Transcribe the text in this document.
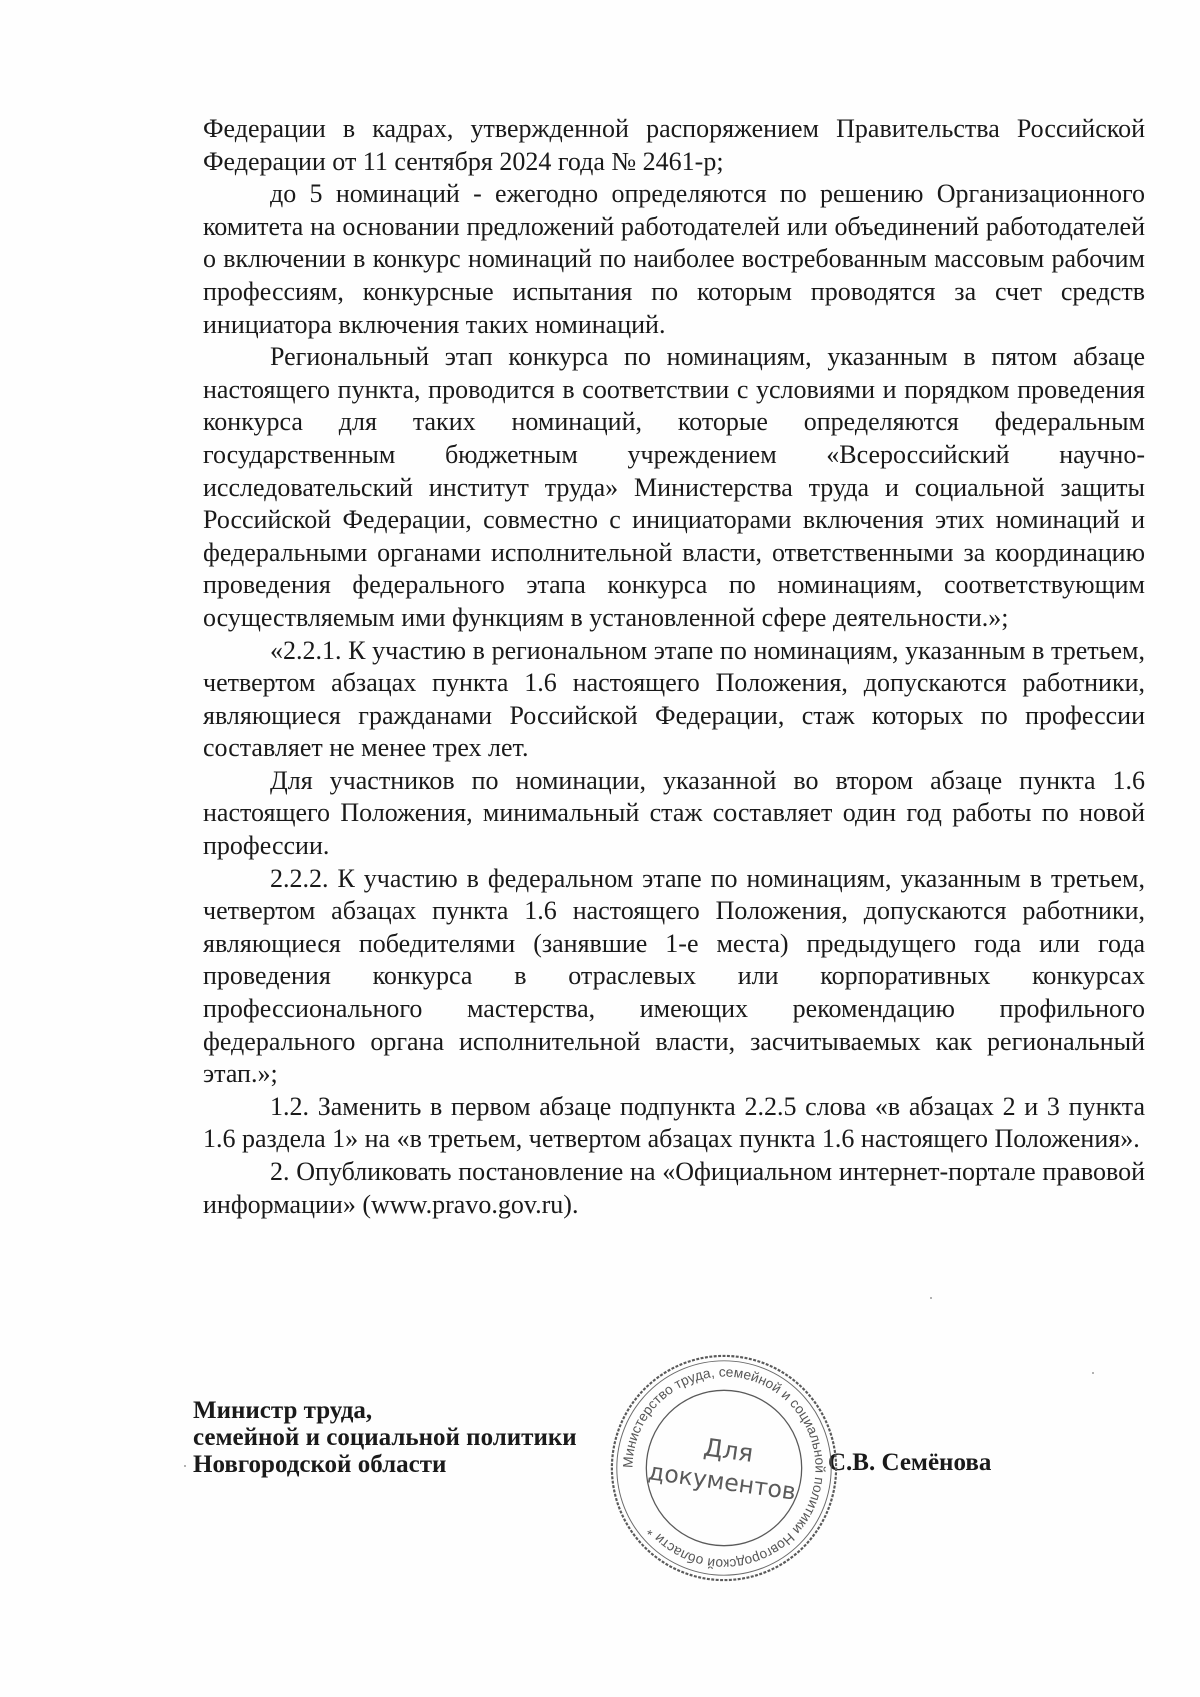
Федерации в кадрах, утвержденной распоряжением Правительства Российской Федерации от 11 сентября 2024 года № 2461-р;

до 5 номинаций - ежегодно определяются по решению Организационного комитета на основании предложений работодателей или объединений работодателей о включении в конкурс номинаций по наиболее востребованным массовым рабочим профессиям, конкурсные испытания по которым проводятся за счет средств инициатора включения таких номинаций.

Региональный этап конкурса по номинациям, указанным в пятом абзаце настоящего пункта, проводится в соответствии с условиями и порядком проведения конкурса для таких номинаций, которые определяются федеральным государственным бюджетным учреждением «Всероссийский научно-исследовательский институт труда» Министерства труда и социальной защиты Российской Федерации, совместно с инициаторами включения этих номинаций и федеральными органами исполнительной власти, ответственными за координацию проведения федерального этапа конкурса по номинациям, соответствующим осуществляемым ими функциям в установленной сфере деятельности.»;

«2.2.1. К участию в региональном этапе по номинациям, указанным в третьем, четвертом абзацах пункта 1.6 настоящего Положения, допускаются работники, являющиеся гражданами Российской Федерации, стаж которых по профессии составляет не менее трех лет.

Для участников по номинации, указанной во втором абзаце пункта 1.6 настоящего Положения, минимальный стаж составляет один год работы по новой профессии.

2.2.2. К участию в федеральном этапе по номинациям, указанным в третьем, четвертом абзацах пункта 1.6 настоящего Положения, допускаются работники, являющиеся победителями (занявшие 1-е места) предыдущего года или года проведения конкурса в отраслевых или корпоративных конкурсах профессионального мастерства, имеющих рекомендацию профильного федерального органа исполнительной власти, засчитываемых как региональный этап.»;

1.2. Заменить в первом абзаце подпункта 2.2.5 слова «в абзацах 2 и 3 пункта 1.6 раздела 1» на «в третьем, четвертом абзацах пункта 1.6 настоящего Положения».

2. Опубликовать постановление на «Официальном интернет-портале правовой информации» (www.pravo.gov.ru).

Министр труда,
семейной и социальной политики
Новгородской области	С.В. Семёнова
Министерство труда, семейной и социальной политики Новгородской области *
Для
документов
